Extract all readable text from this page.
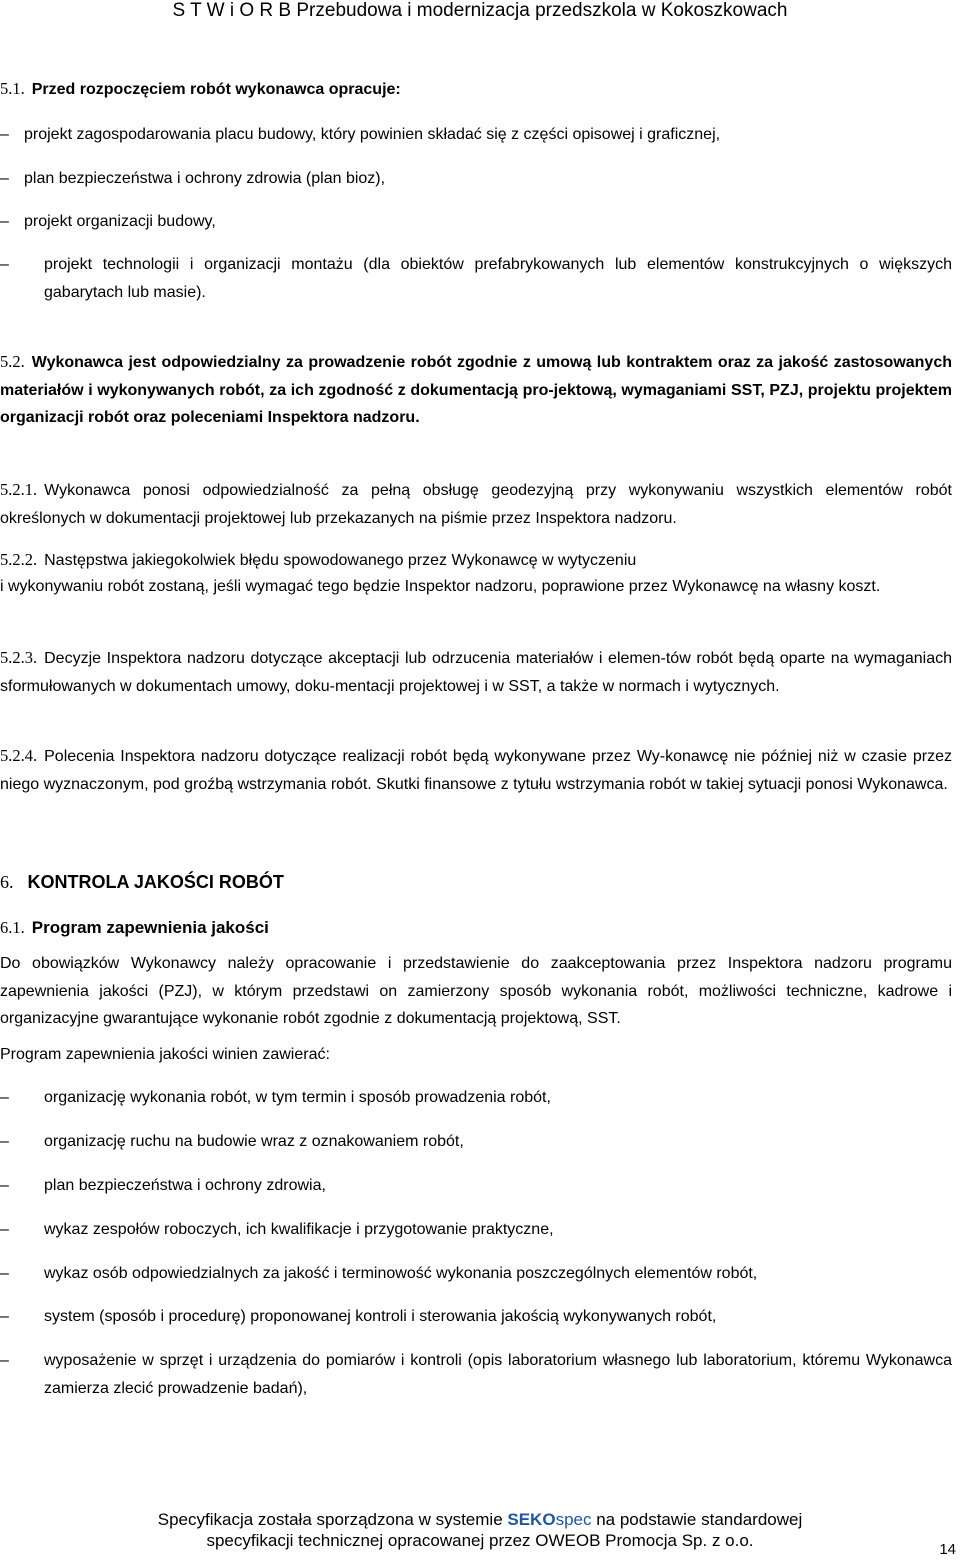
S T W i O R B Przebudowa i modernizacja przedszkola w Kokoszkowach
5.1. Przed rozpoczęciem robót wykonawca opracuje:
– projekt zagospodarowania placu budowy, który powinien składać się z części opisowej i graficznej,
– plan bezpieczeństwa i ochrony zdrowia (plan bioz),
– projekt organizacji budowy,
–	projekt technologii i organizacji montażu (dla obiektów prefabrykowanych lub elementów konstrukcyjnych o większych gabarytach lub masie).
5.2. Wykonawca jest odpowiedzialny za prowadzenie robót zgodnie z umową lub kontraktem oraz za jakość zastosowanych materiałów i wykonywanych robót, za ich zgodność z dokumentacją pro-jektową, wymaganiami SST, PZJ, projektu projektem organizacji robót oraz poleceniami Inspektora nadzoru.
5.2.1. Wykonawca ponosi odpowiedzialność za pełną obsługę geodezyjną przy wykonywaniu wszystkich elementów robót określonych w dokumentacji projektowej lub przekazanych na piśmie przez Inspektora nadzoru.
5.2.2. Następstwa jakiegokolwiek błędu spowodowanego przez Wykonawcę w wytyczeniu
i wykonywaniu robót zostaną, jeśli wymagać tego będzie Inspektor nadzoru, poprawione przez Wykonawcę na własny koszt.
5.2.3. Decyzje Inspektora nadzoru dotyczące akceptacji lub odrzucenia materiałów i elemen-tów robót będą oparte na wymaganiach sformułowanych w dokumentach umowy, doku-mentacji projektowej i w SST, a także w normach i wytycznych.
5.2.4. Polecenia Inspektora nadzoru dotyczące realizacji robót będą wykonywane przez Wy-konawcę nie później niż w czasie przez niego wyznaczonym, pod groźbą wstrzymania robót. Skutki finansowe z tytułu wstrzymania robót w takiej sytuacji ponosi Wykonawca.
6. KONTROLA JAKOŚCI ROBÓT
6.1. Program zapewnienia jakości
Do obowiązków Wykonawcy należy opracowanie i przedstawienie do zaakceptowania przez Inspektora nadzoru programu zapewnienia jakości (PZJ), w którym przedstawi on zamierzony sposób wykonania robót, możliwości techniczne, kadrowe i organizacyjne gwarantujące wykonanie robót zgodnie z dokumentacją projektową, SST.
Program zapewnienia jakości winien zawierać:
–	organizację wykonania robót, w tym termin i sposób prowadzenia robót,
–	organizację ruchu na budowie wraz z oznakowaniem robót,
–	plan bezpieczeństwa i ochrony zdrowia,
–	wykaz zespołów roboczych, ich kwalifikacje i przygotowanie praktyczne,
–	wykaz osób odpowiedzialnych za jakość i terminowość wykonania poszczególnych elementów robót,
–	system (sposób i procedurę) proponowanej kontroli i sterowania jakością wykonywanych robót,
–	wyposażenie w sprzęt i urządzenia do pomiarów i kontroli (opis laboratorium własnego lub laboratorium, któremu Wykonawca zamierza zlecić prowadzenie badań),
Specyfikacja została sporządzona w systemie SEKOspec na podstawie standardowej
specyfikacji technicznej opracowanej przez OWEOB Promocja Sp. z o.o.	14
